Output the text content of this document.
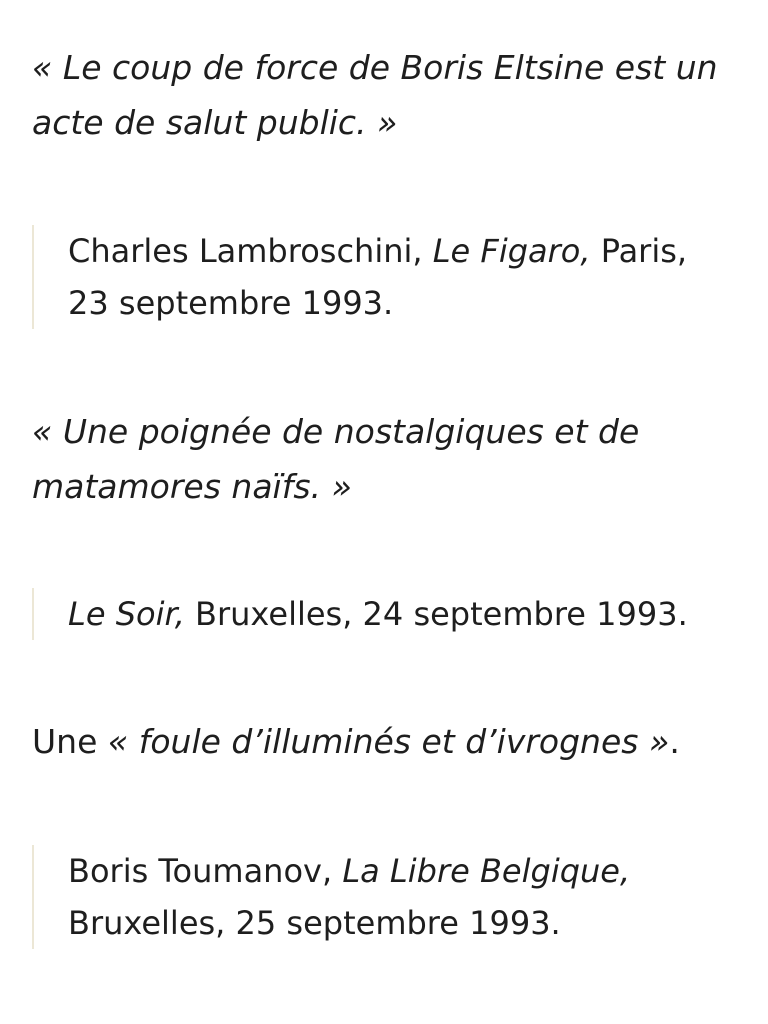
« Le coup de force de Boris Eltsine est un acte de salut public. »

Charles Lambroschini, Le Figaro, Paris, 23 septembre 1993.

« Une poignée de nostalgiques et de matamores naïfs. »

Le Soir, Bruxelles, 24 septembre 1993.

Une « foule d’illuminés et d’ivrognes ».

Boris Toumanov, La Libre Belgique, Bruxelles, 25 septembre 1993.
